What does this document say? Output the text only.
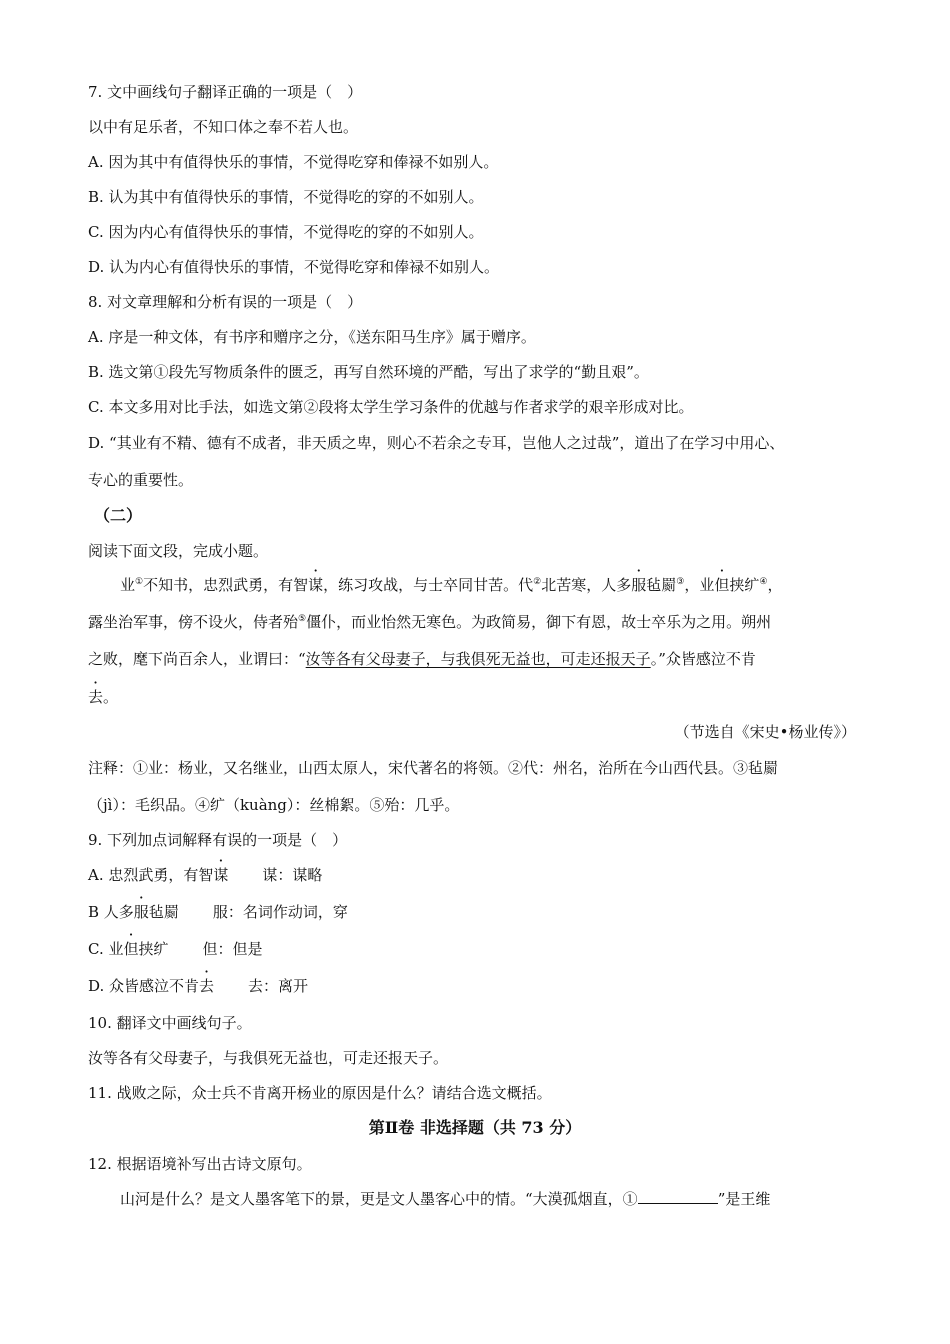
7. 文中画线句子翻译正确的一项是（　）
以中有足乐者，不知口体之奉不若人也。
A. 因为其中有值得快乐的事情，不觉得吃穿和俸禄不如别人。
B. 认为其中有值得快乐的事情，不觉得吃的穿的不如别人。
C. 因为内心有值得快乐的事情，不觉得吃的穿的不如别人。
D. 认为内心有值得快乐的事情，不觉得吃穿和俸禄不如别人。
8. 对文章理解和分析有误的一项是（　）
A. 序是一种文体，有书序和赠序之分，《送东阳马生序》属于赠序。
B. 选文第①段先写物质条件的匮乏，再写自然环境的严酷，写出了求学的“勤且艰”。
C. 本文多用对比手法，如选文第②段将太学生学习条件的优越与作者求学的艰辛形成对比。
D. “其业有不精、德有不成者，非天质之卑，则心不若余之专耳，岂他人之过哉”，道出了在学习中用心、
专心的重要性。
（二）
阅读下面文段，完成小题。
业①不知书，忠烈武勇，有智谋，练习攻战，与士卒同甘苦。代②北苦寒，人多服毡罽③，业但挟纩④，
露坐治军事，傍不设火，侍者殆⑤僵仆，而业怡然无寒色。为政简易，御下有恩，故士卒乐为之用。朔州
之败，麾下尚百余人，业谓曰：“汝等各有父母妻子，与我俱死无益也，可走还报天子。”众皆感泣不肯
去。
（节选自《宋史•杨业传》）
注释：①业：杨业，又名继业，山西太原人，宋代著名的将领。②代：州名，治所在今山西代县。③毡罽
（jì）：毛织品。④纩（kuàng）：丝棉絮。⑤殆：几乎。
9. 下列加点词解释有误的一项是（　）
A. 忠烈武勇，有智谋 谋：谋略
B 人多服毡罽 服：名词作动词，穿
C. 业但挟纩 但：但是
D. 众皆感泣不肯去 去：离开
10. 翻译文中画线句子。
汝等各有父母妻子，与我俱死无益也，可走还报天子。
11. 战败之际，众士兵不肯离开杨业的原因是什么？请结合选文概括。
第Ⅱ卷 非选择题（共 73 分）
12. 根据语境补写出古诗文原句。
山河是什么？是文人墨客笔下的景，更是文人墨客心中的情。“大漠孤烟直，①	”是王维
